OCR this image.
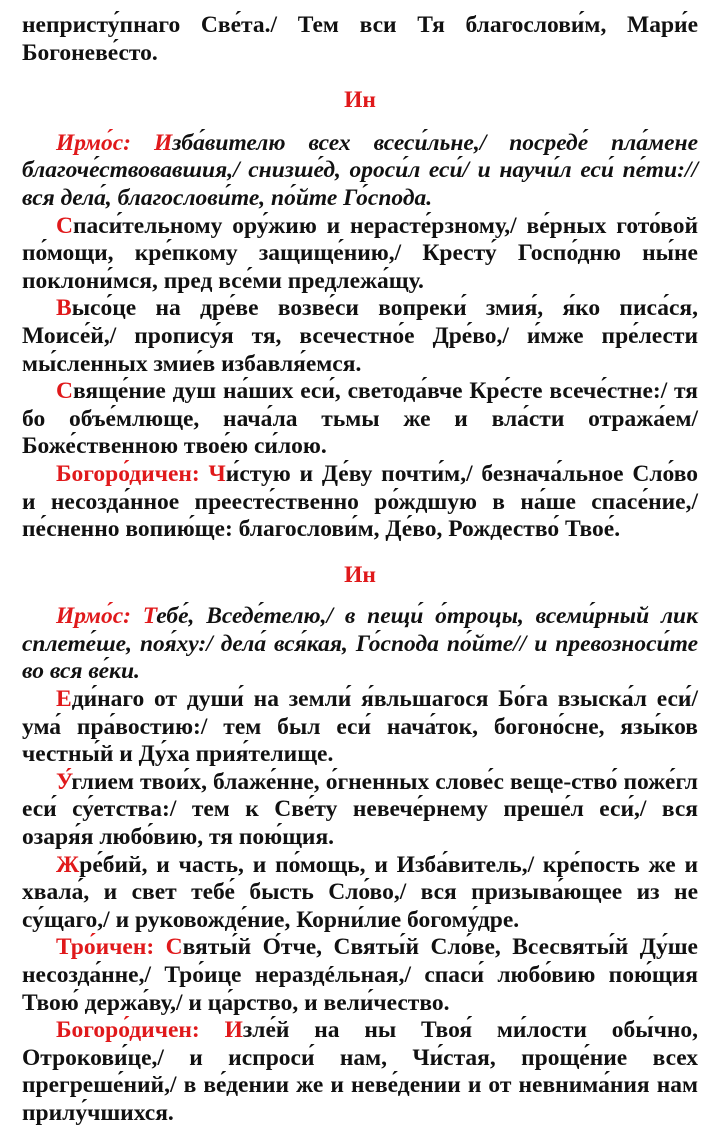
непристу́пнаго Све́та./ Тем вси Тя благослови́м, Мари́е Богоневе́сто.

Ин

Ирмо́с: Изба́вителю всех всеси́льне,/ посреде́ пла́мене благоче́ствовавшия,/ снизше́д, ороси́л еси́/ и научи́л еси́ пе́ти:// вся дела́, благослови́те, по́йте Го́спода.

Спаси́тельному ору́жию и нерасте́рзному,/ ве́рных гото́вой по́мощи, кре́пкому защище́нию,/ Кресту́ Госпо́дню ны́не поклони́мся, пред все́ми предлежа́щу.

Высо́це на дре́ве возве́си вопреки́ змия́, я́ко писа́ся, Моисе́й,/ пропису́я тя, всечестно́е Дре́во,/ и́мже пре́лести мы́сленных змие́в избавля́емся.

Свяще́ние душ на́ших еси́, светода́вче Кре́сте всече́стне:/ тя бо объе́млюще, нача́ла тьмы же и вла́сти отража́ем/ Боже́ственною твое́ю си́лою.

Богоро́дичен: Чи́стую и Де́ву почти́м,/ безнача́льное Сло́во и несозда́нное преесте́ственно ро́ждшую в на́ше спасе́ние,/ пе́сненно вопию́ще: благослови́м, Де́во, Рождество́ Твое́.

Ин

Ирмо́с: Тебе́, Вседе́телю,/ в пещи́ о́троцы, всеми́рный лик сплете́ше, поя́ху:/ дела́ вся́кая, Го́спода по́йте// и превозноси́те во вся ве́ки.

Еди́наго от души́ на земли́ я́вльшагося Бо́га взыска́л еси́/ ума́ пра́востию:/ тем был еси́ нача́ток, богоно́сне, язы́ков честны́й и Ду́ха прия́телище.

У́глием твои́х, блаже́нне, о́гненных слове́с веще-ство́ поже́гл еси́ су́етства:/ тем к Све́ту невече́рнему преше́л еси́,/ вся озаря́я любо́вию, тя пою́щия.

Жре́бий, и часть, и по́мощь, и Изба́витель,/ кре́пость же и хвала́, и свет тебе́ бысть Сло́во,/ вся призыва́ющее из не су́щаго,/ и руковожде́ние, Корни́лие богому́дре.

Тро́ичен: Святы́й О́тче, Святы́й Сло́ве, Всесвяты́й Ду́ше несозда́нне,/ Тро́ице нераздéльная,/ спаси́ любо́вию пою́щия Твою́ держа́ву,/ и ца́рство, и вели́чество.

Богоро́дичен: Изле́й на ны Твоя́ ми́лости обы́чно, Отрокови́це,/ и испроси́ нам, Чи́стая, проще́ние всех прегреше́ний,/ в ве́дении же и неве́дении и от невнима́ния нам прилу́чшихся.
